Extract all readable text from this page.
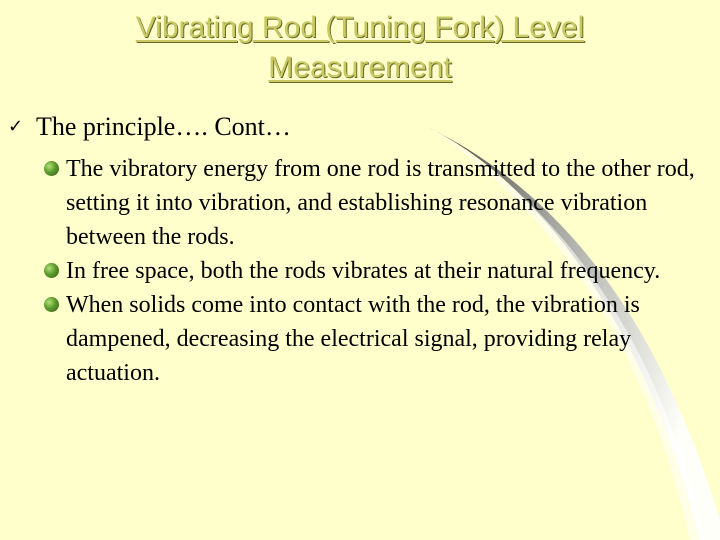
Vibrating Rod (Tuning Fork) Level
Measurement
✓ The principle…. Cont…
The vibratory energy from one rod is transmitted to the other rod, setting it into vibration, and establishing resonance vibration between the rods.
In free space, both the rods vibrates at their natural frequency.
When solids come into contact with the rod, the vibration is dampened, decreasing the electrical signal, providing relay actuation.
